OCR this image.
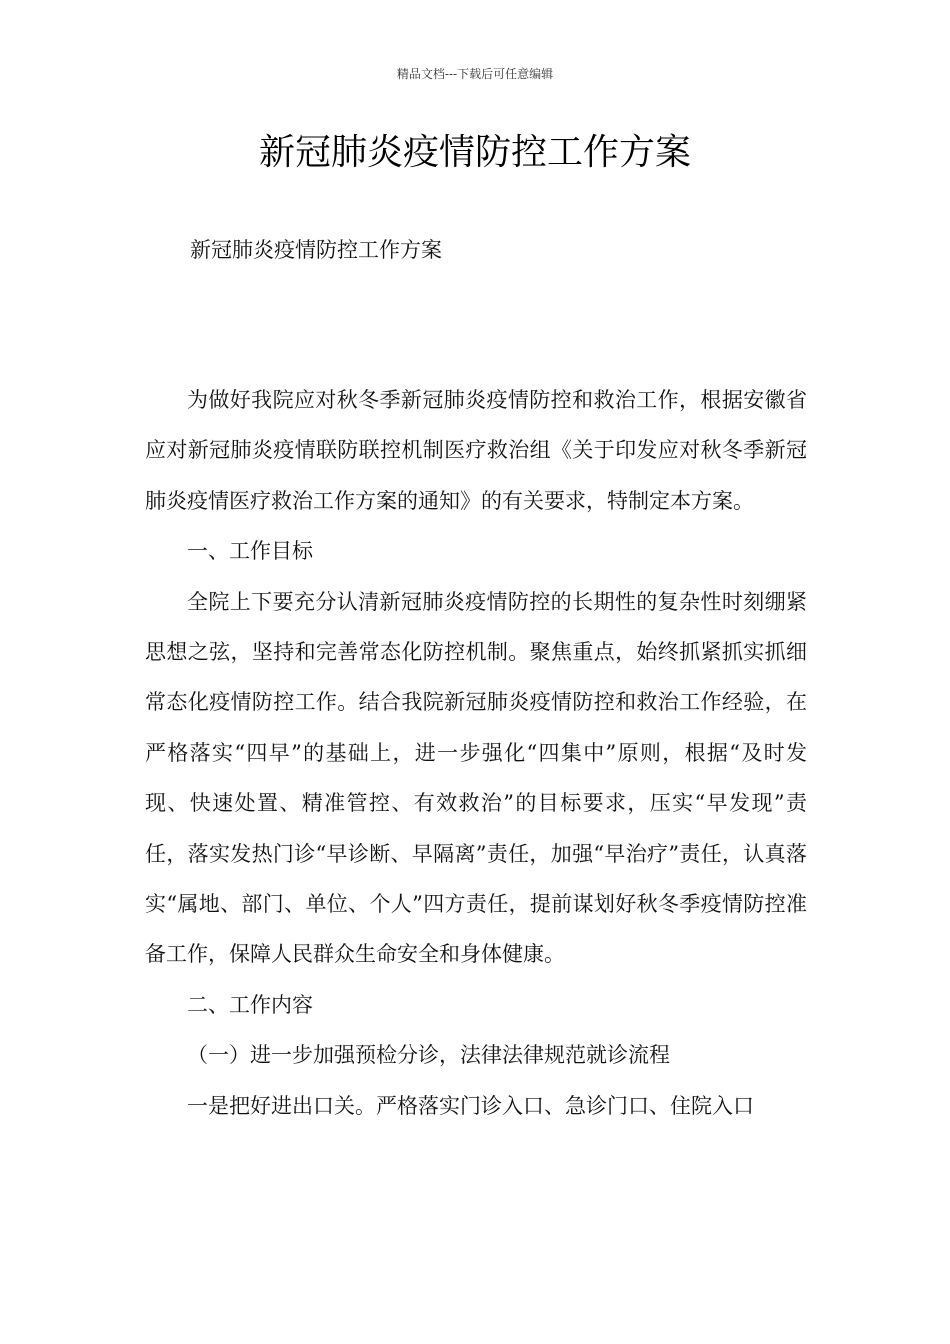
精品文档---下载后可任意编辑
新冠肺炎疫情防控工作方案

新冠肺炎疫情防控工作方案

为做好我院应对秋冬季新冠肺炎疫情防控和救治工作，根据安徽省应对新冠肺炎疫情联防联控机制医疗救治组《关于印发应对秋冬季新冠肺炎疫情医疗救治工作方案的通知》的有关要求，特制定本方案。

一、工作目标

全院上下要充分认清新冠肺炎疫情防控的长期性的复杂性时刻绷紧思想之弦，坚持和完善常态化防控机制。聚焦重点，始终抓紧抓实抓细常态化疫情防控工作。结合我院新冠肺炎疫情防控和救治工作经验，在严格落实“四早”的基础上，进一步强化“四集中”原则，根据“及时发现、快速处置、精准管控、有效救治”的目标要求，压实“早发现”责任，落实发热门诊“早诊断、早隔离”责任，加强“早治疗”责任，认真落实“属地、部门、单位、个人”四方责任，提前谋划好秋冬季疫情防控准备工作，保障人民群众生命安全和身体健康。

二、工作内容

（一）进一步加强预检分诊，法律法律规范就诊流程

一是把好进出口关。严格落实门诊入口、急诊门口、住院入口
